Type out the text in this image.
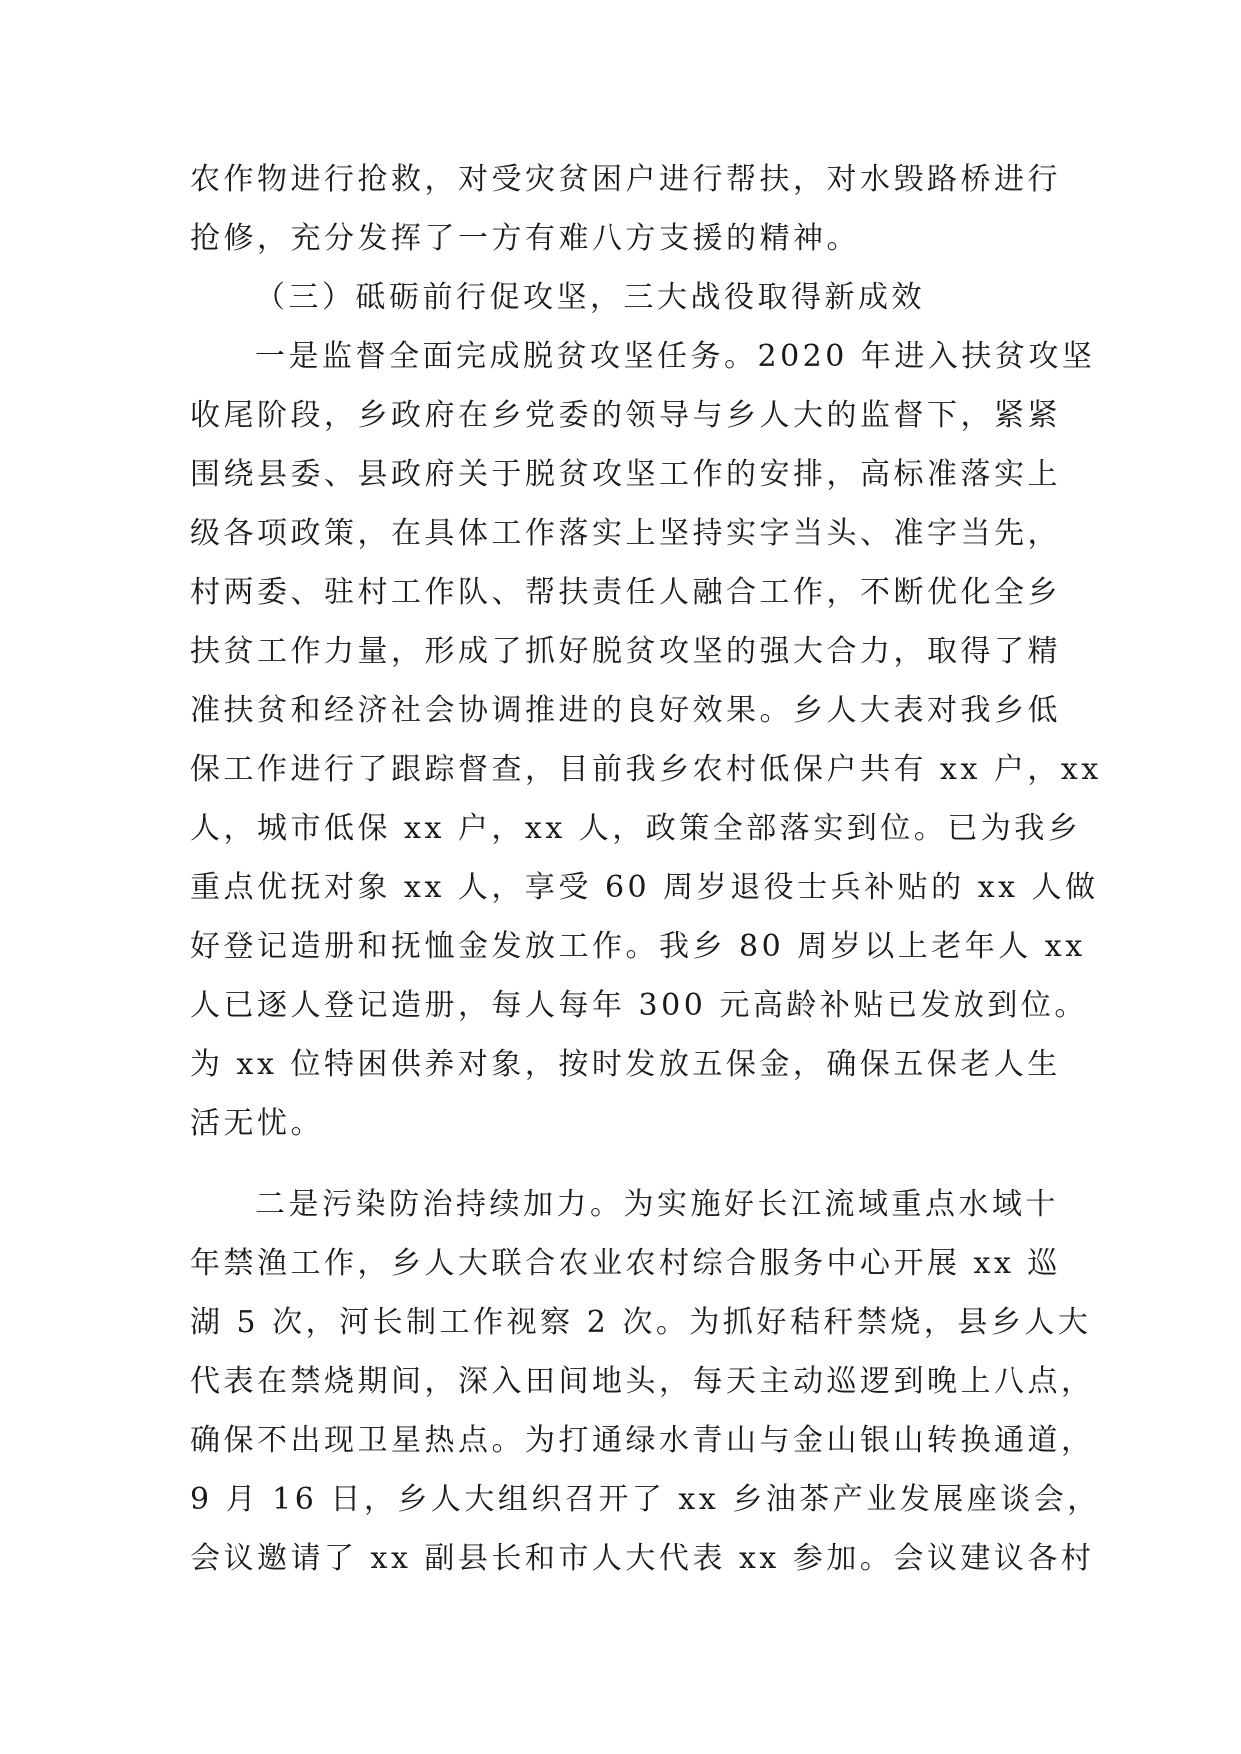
农作物进行抢救，对受灾贫困户进行帮扶，对水毁路桥进行
抢修，充分发挥了一方有难八方支援的精神。
（三）砥砺前行促攻坚，三大战役取得新成效
一是监督全面完成脱贫攻坚任务。2020 年进入扶贫攻坚
收尾阶段，乡政府在乡党委的领导与乡人大的监督下，紧紧
围绕县委、县政府关于脱贫攻坚工作的安排，高标准落实上
级各项政策，在具体工作落实上坚持实字当头、准字当先，
村两委、驻村工作队、帮扶责任人融合工作，不断优化全乡
扶贫工作力量，形成了抓好脱贫攻坚的强大合力，取得了精
准扶贫和经济社会协调推进的良好效果。乡人大表对我乡低
保工作进行了跟踪督查，目前我乡农村低保户共有 xx 户，xx
人，城市低保 xx 户，xx 人，政策全部落实到位。已为我乡
重点优抚对象 xx 人，享受 60 周岁退役士兵补贴的 xx 人做
好登记造册和抚恤金发放工作。我乡 80 周岁以上老年人 xx
人已逐人登记造册，每人每年 300 元高龄补贴已发放到位。
为 xx 位特困供养对象，按时发放五保金，确保五保老人生
活无忧。
二是污染防治持续加力。为实施好长江流域重点水域十
年禁渔工作，乡人大联合农业农村综合服务中心开展 xx 巡
湖 5 次，河长制工作视察 2 次。为抓好秸秆禁烧，县乡人大
代表在禁烧期间，深入田间地头，每天主动巡逻到晚上八点，
确保不出现卫星热点。为打通绿水青山与金山银山转换通道，
9 月 16 日，乡人大组织召开了 xx 乡油茶产业发展座谈会，
会议邀请了 xx 副县长和市人大代表 xx 参加。会议建议各村
